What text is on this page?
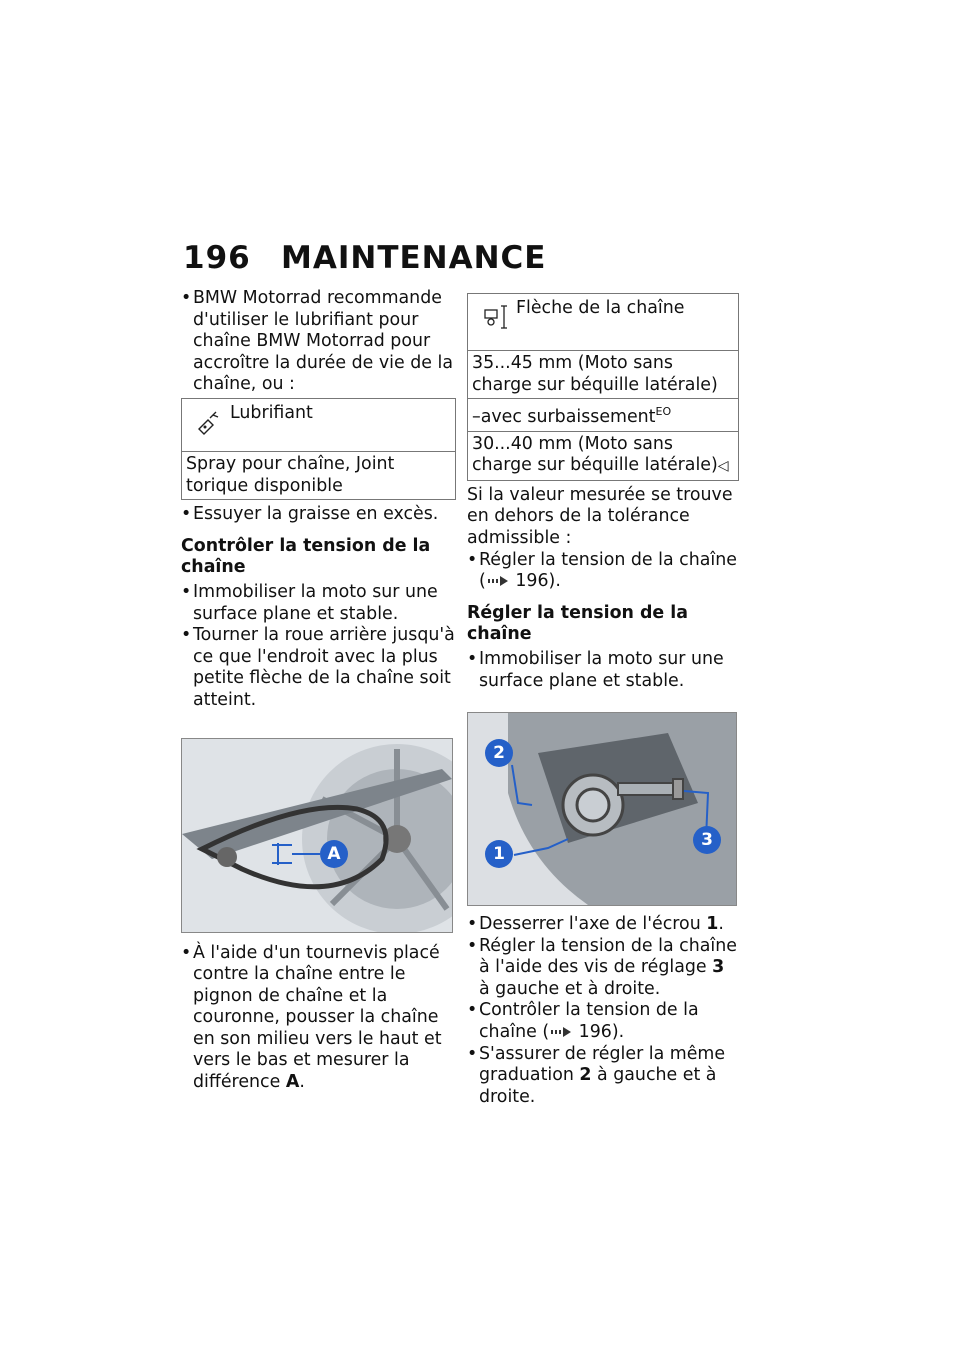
196 MAINTENANCE

• BMW Motorrad recommande d'utiliser le lubrifiant pour chaîne BMW Motorrad pour accroître la durée de vie de la chaîne, ou :

Lubrifiant
Spray pour chaîne, Joint torique disponible

• Essuyer la graisse en excès.

Contrôler la tension de la chaîne

• Immobiliser la moto sur une surface plane et stable.

• Tourner la roue arrière jusqu'à ce que l'endroit avec la plus petite flèche de la chaîne soit atteint.

A

• À l'aide d'un tournevis placé contre la chaîne entre le pignon de chaîne et la couronne, pousser la chaîne en son milieu vers le haut et vers le bas et mesurer la différence A.

Flèche de la chaîne
35...45 mm (Moto sans charge sur béquille latérale)
–avec surbaissement$^{EO}$
30...40 mm (Moto sans charge sur béquille latérale)◁

Si la valeur mesurée se trouve en dehors de la tolérance admissible :

• Régler la tension de la chaîne ( 196).

Régler la tension de la chaîne

• Immobiliser la moto sur une surface plane et stable.

2
1
3

• Desserrer l'axe de l'écrou 1.

• Régler la tension de la chaîne à l'aide des vis de réglage 3 à gauche et à droite.

• Contrôler la tension de la chaîne ( 196).

• S'assurer de régler la même graduation 2 à gauche et à droite.
